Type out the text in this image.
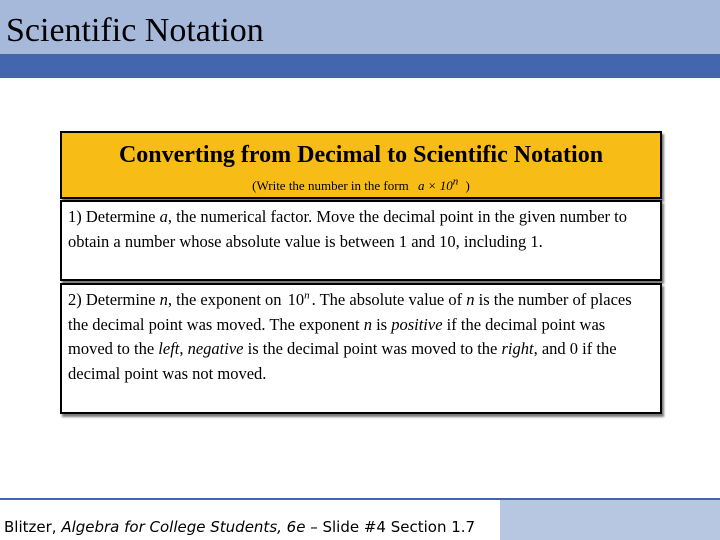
Scientific Notation
Converting from Decimal to Scientific Notation
(Write the number in the form $a \times 10^n$ )
1) Determine a, the numerical factor. Move the decimal point in the given number to obtain a number whose absolute value is between 1 and 10, including 1.
2) Determine n, the exponent on 10$^n$ . The absolute value of n is the number of places the decimal point was moved. The exponent n is positive if the decimal point was moved to the left, negative is the decimal point was moved to the right, and 0 if the decimal point was not moved.
Blitzer, Algebra for College Students, 6e – Slide #4 Section 1.7
